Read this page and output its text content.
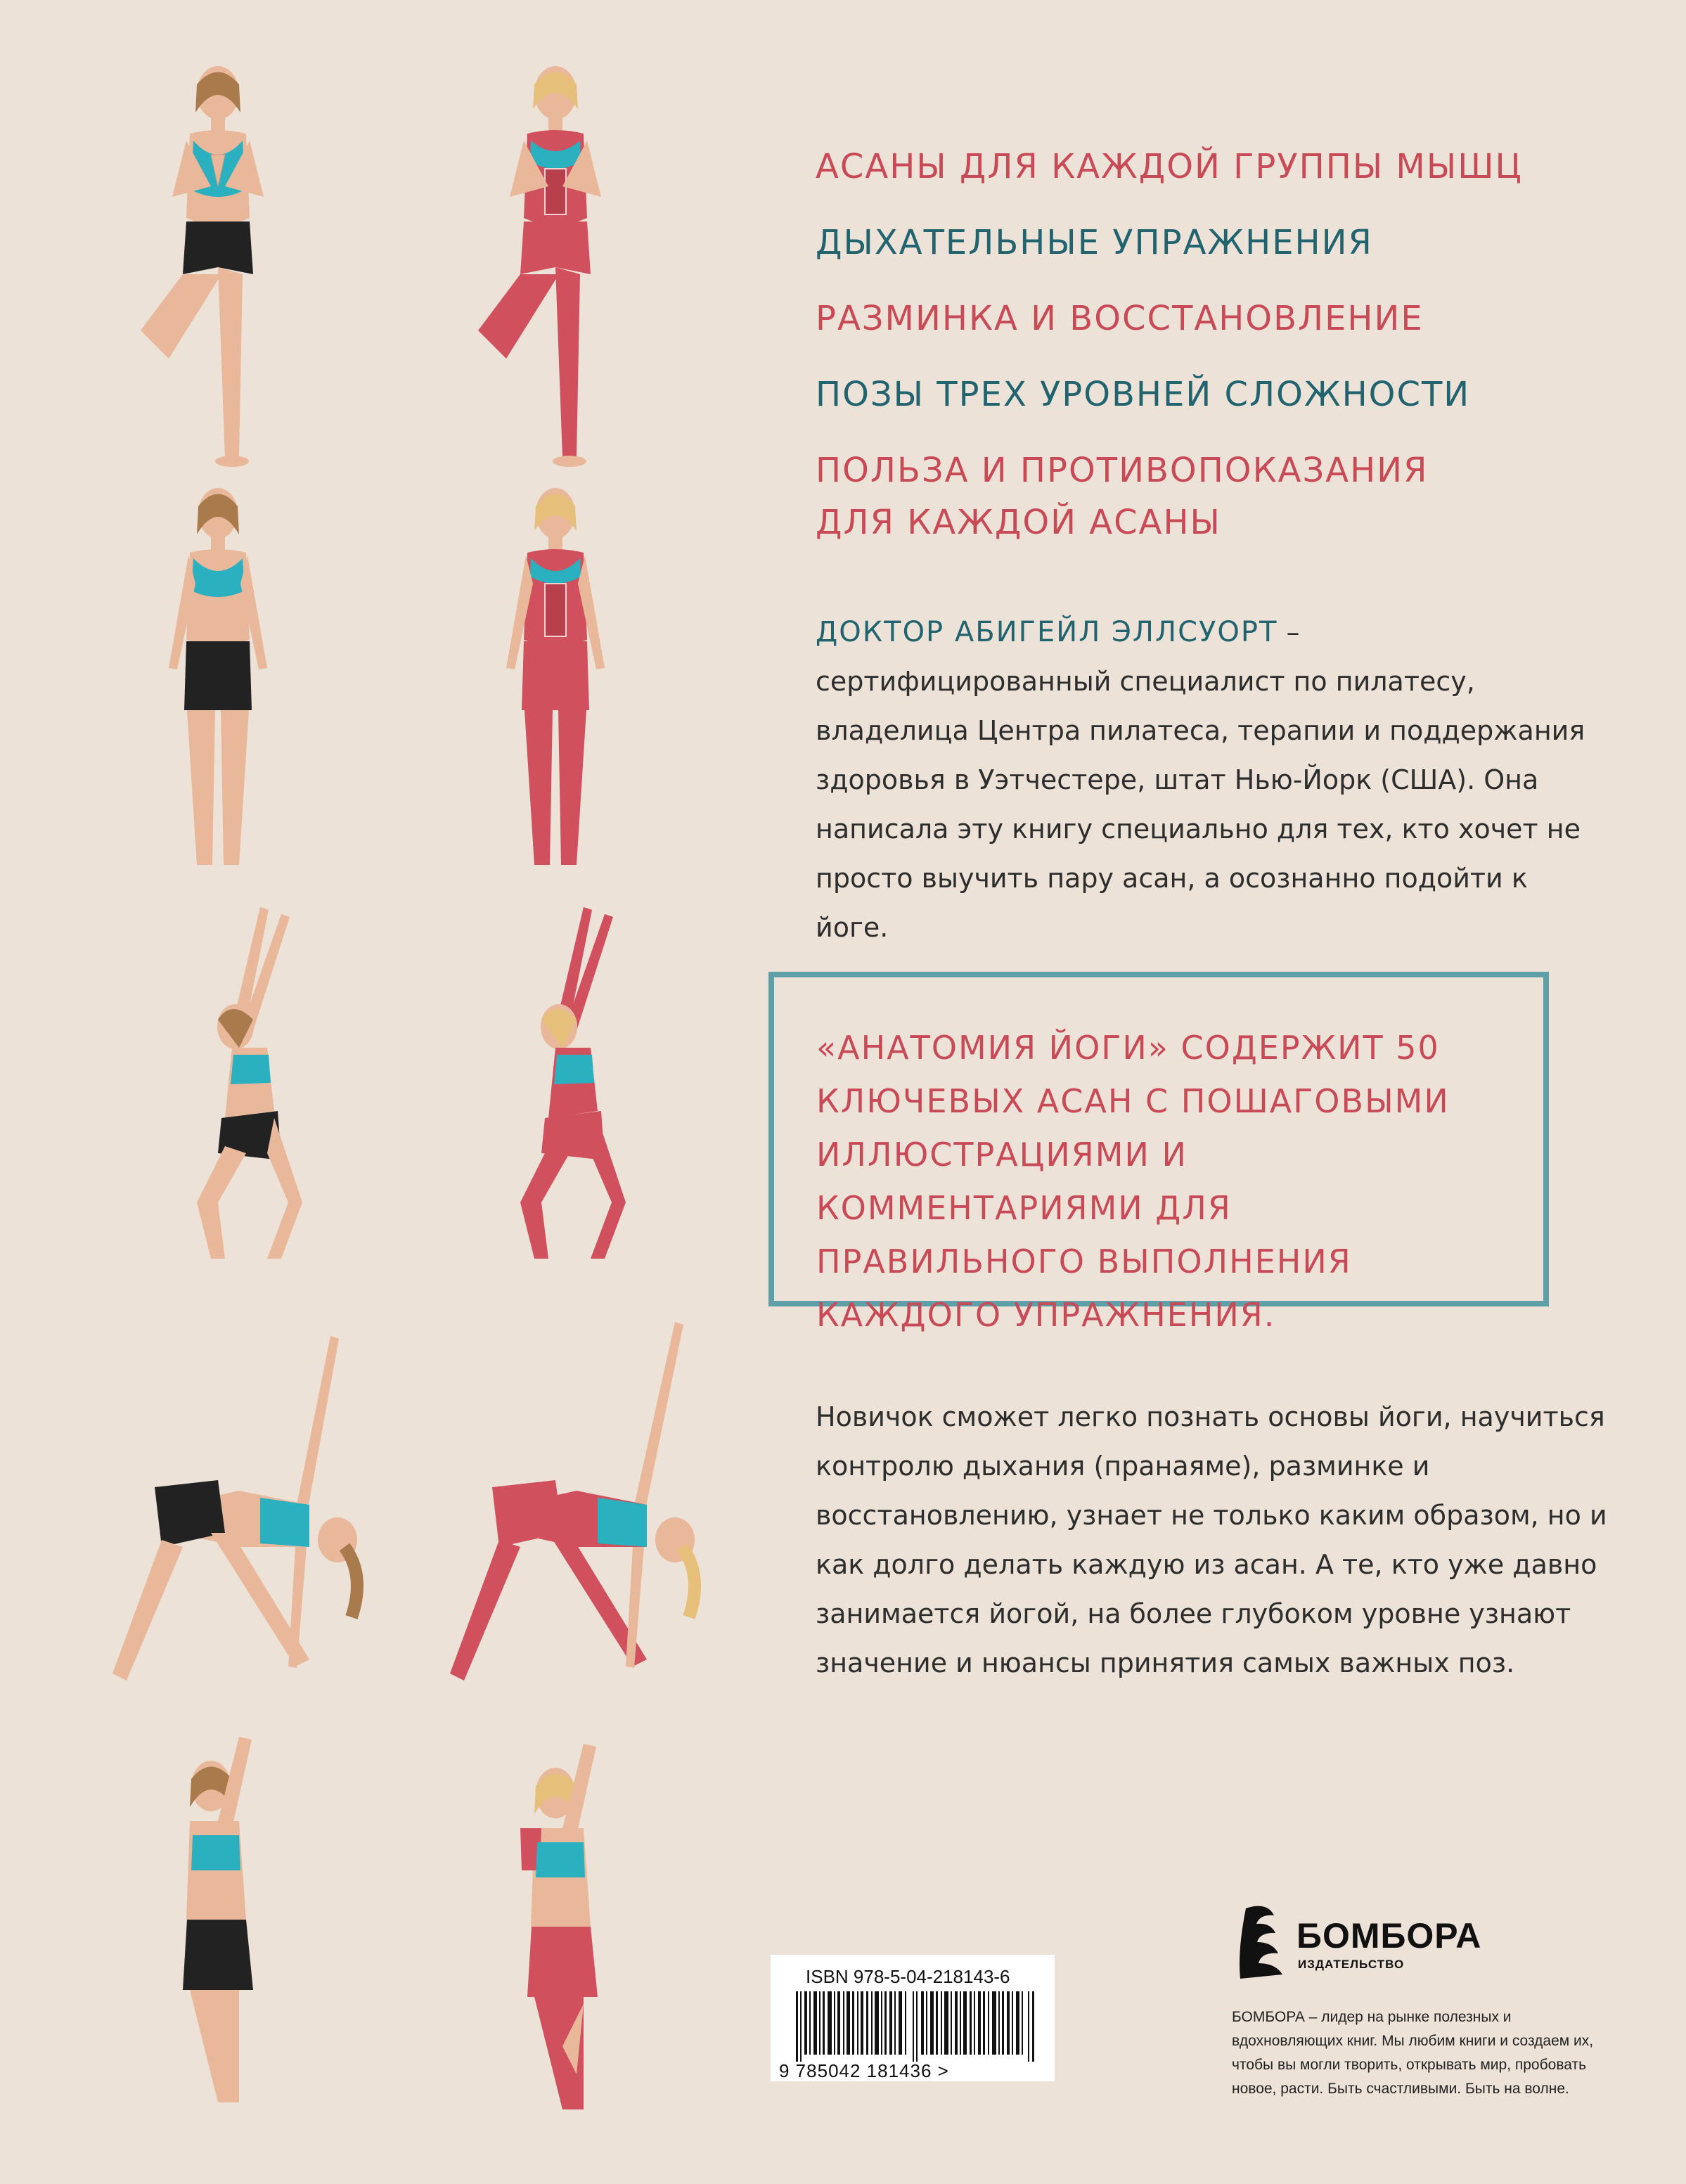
АСАНЫ ДЛЯ КАЖДОЙ ГРУППЫ МЫШЦ
ДЫХАТЕЛЬНЫЕ УПРАЖНЕНИЯ
РАЗМИНКА И ВОССТАНОВЛЕНИЕ
ПОЗЫ ТРЕХ УРОВНЕЙ СЛОЖНОСТИ
ПОЛЬЗА И ПРОТИВОПОКАЗАНИЯ ДЛЯ КАЖДОЙ АСАНЫ
ДОКТОР АБИГЕЙЛ ЭЛЛСУОРТ – сертифицированный специалист по пилатесу, владелица Центра пилатеса, терапии и поддержания здоровья в Уэтчестере, штат Нью-Йорк (США). Она написала эту книгу специально для тех, кто хочет не просто выучить пару асан, а осознанно подойти к йоге.
«АНАТОМИЯ ЙОГИ» СОДЕРЖИТ 50 КЛЮЧЕВЫХ АСАН С ПОШАГОВЫМИ ИЛЛЮСТРАЦИЯМИ И КОММЕНТАРИЯМИ ДЛЯ ПРАВИЛЬНОГО ВЫПОЛНЕНИЯ КАЖДОГО УПРАЖНЕНИЯ.
Новичок сможет легко познать основы йоги, научиться контролю дыхания (пранаяме), разминке и восстановлению, узнает не только каким образом, но и как долго делать каждую из асан. А те, кто уже давно занимается йогой, на более глубоком уровне узнают значение и нюансы принятия самых важных поз.
ISBN 978-5-04-218143-6
9 785042 181436 >
БОМБОРА
ИЗДАТЕЛЬСТВО
БОМБОРА – лидер на рынке полезных и вдохновляющих книг. Мы любим книги и создаем их, чтобы вы могли творить, открывать мир, пробовать новое, расти. Быть счастливыми. Быть на волне.
